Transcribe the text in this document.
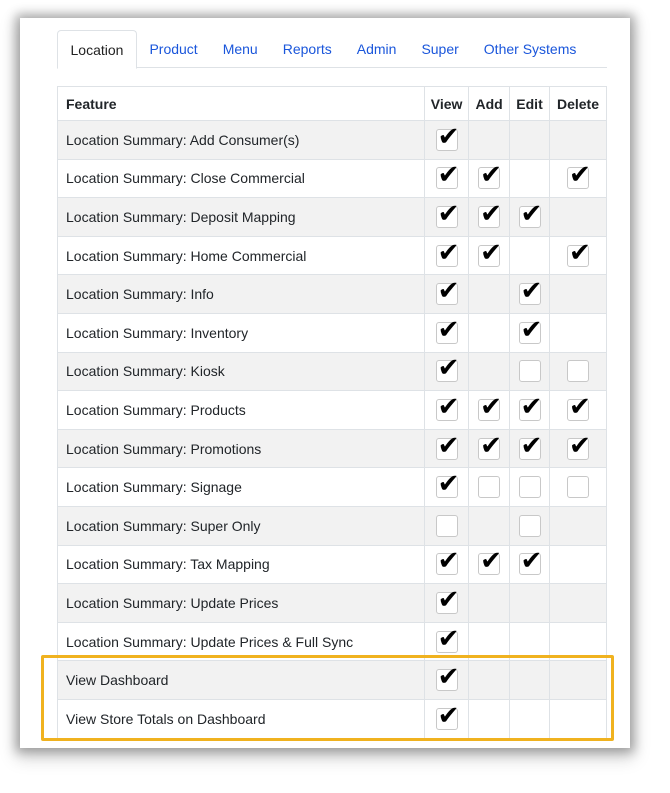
Location	Product	Menu	Reports	Admin	Super	Other Systems
Feature	View	Add	Edit	Delete
Location Summary: Add Consumer(s)	✔			

Location Summary: Close Commercial	✔	✔		✔

Location Summary: Deposit Mapping	✔	✔	✔	

Location Summary: Home Commercial	✔	✔		✔

Location Summary: Info	✔		✔	

Location Summary: Inventory	✔		✔	

Location Summary: Kiosk	✔			

Location Summary: Products	✔	✔	✔	✔

Location Summary: Promotions	✔	✔	✔	✔

Location Summary: Signage	✔			

Location Summary: Super Only				
Location Summary: Tax Mapping	✔	✔	✔	

Location Summary: Update Prices	✔			

Location Summary: Update Prices & Full Sync	✔			

View Dashboard	✔			

View Store Totals on Dashboard	✔			
